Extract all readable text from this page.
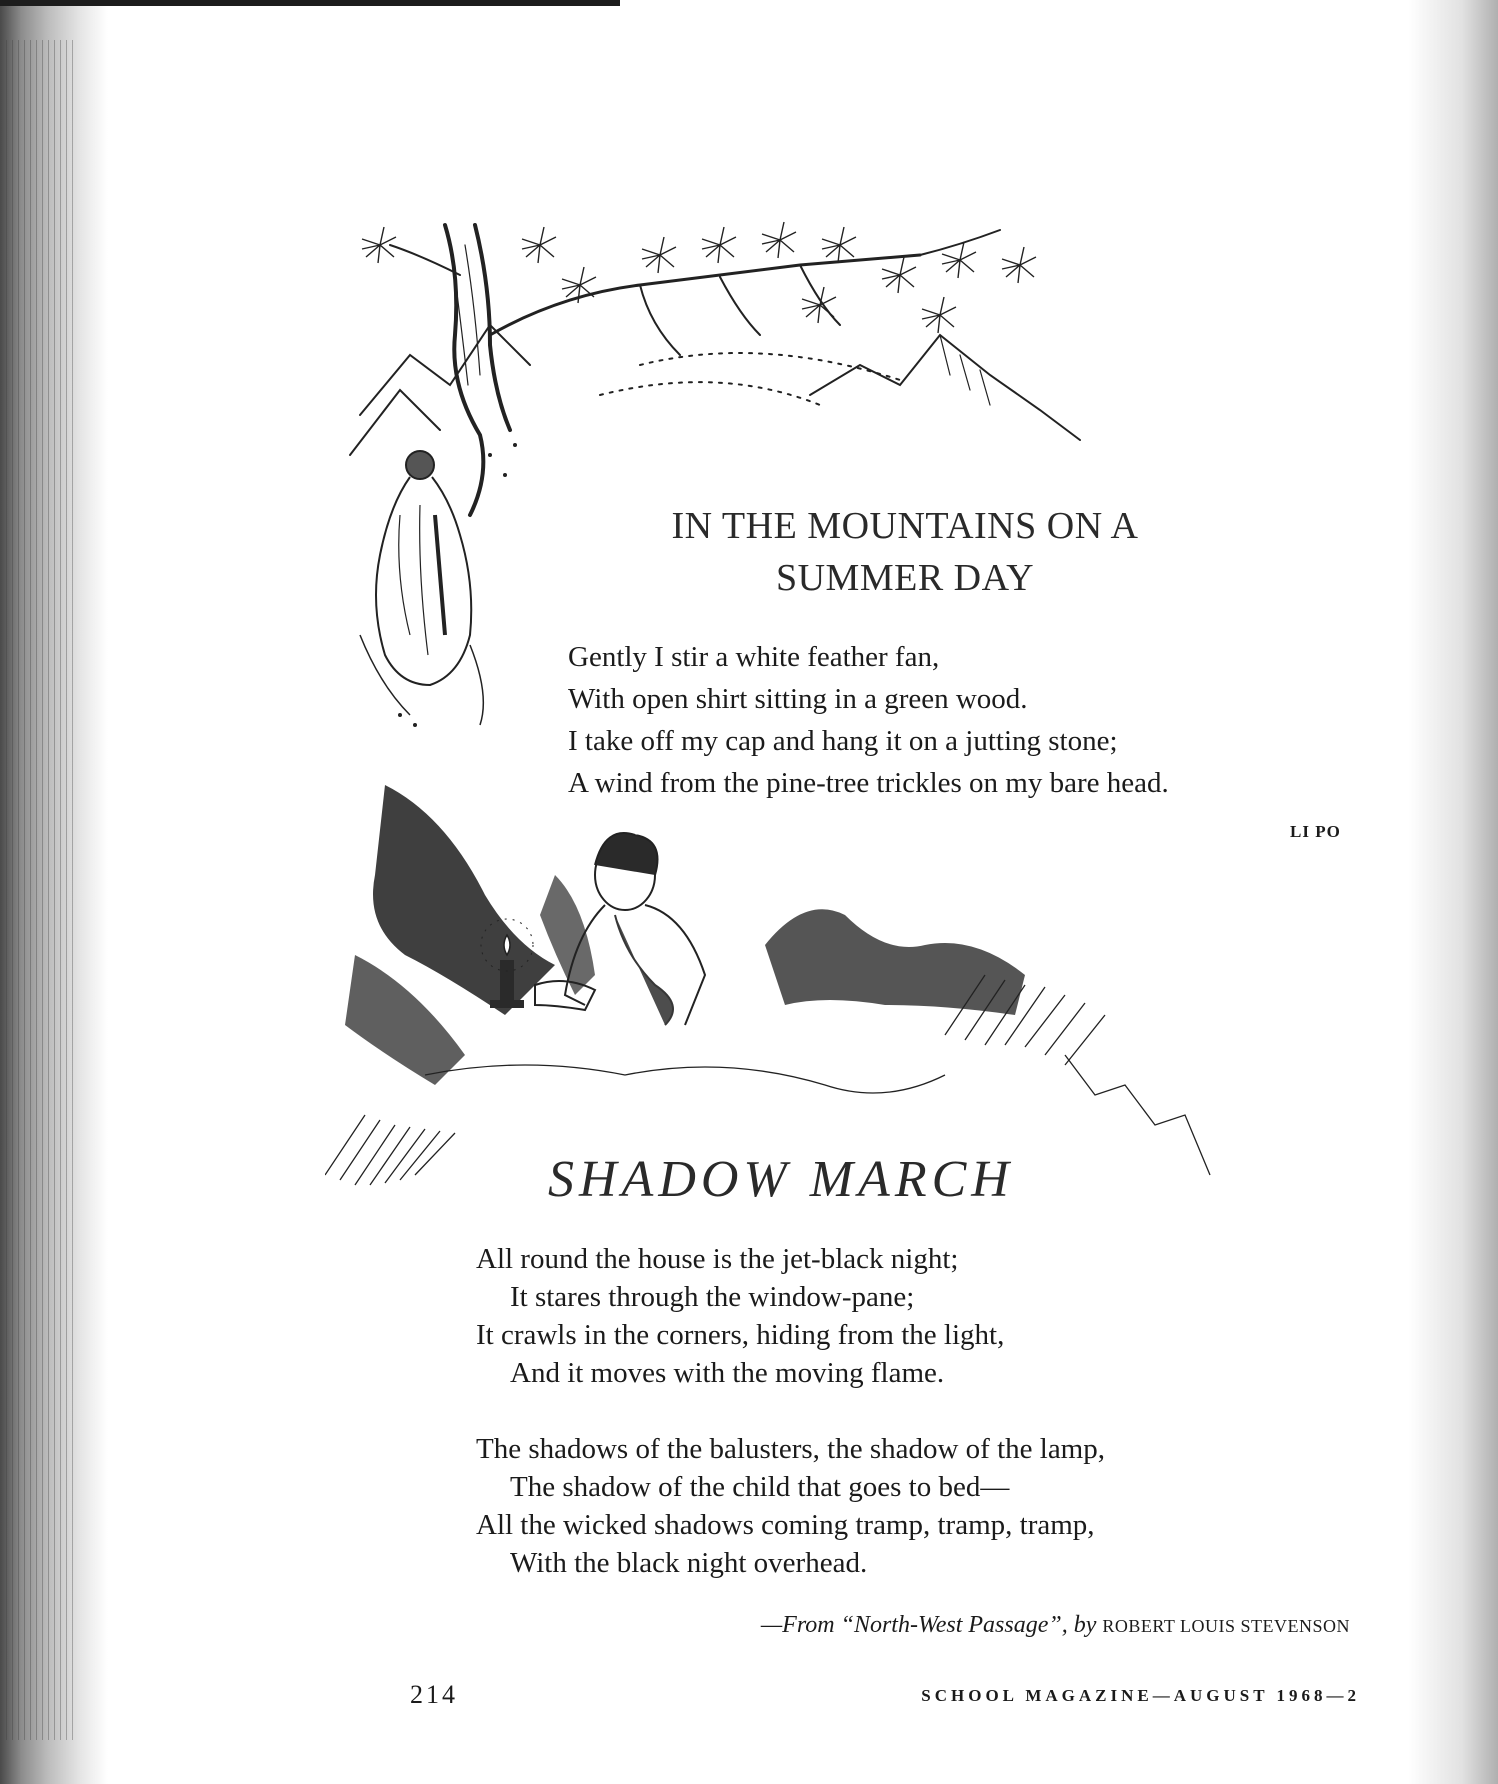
IN THE MOUNTAINS ON A
SUMMER DAY
Gently I stir a white feather fan,
With open shirt sitting in a green wood.
I take off my cap and hang it on a jutting stone;
A wind from the pine-tree trickles on my bare head.
LI PO
SHADOW MARCH
All round the house is the jet-black night;
It stares through the window-pane;
It crawls in the corners, hiding from the light,
And it moves with the moving flame.
The shadows of the balusters, the shadow of the lamp,
The shadow of the child that goes to bed—
All the wicked shadows coming tramp, tramp, tramp,
With the black night overhead.
—From “North-West Passage”, by ROBERT LOUIS STEVENSON
214	SCHOOL MAGAZINE—AUGUST 1968—2
